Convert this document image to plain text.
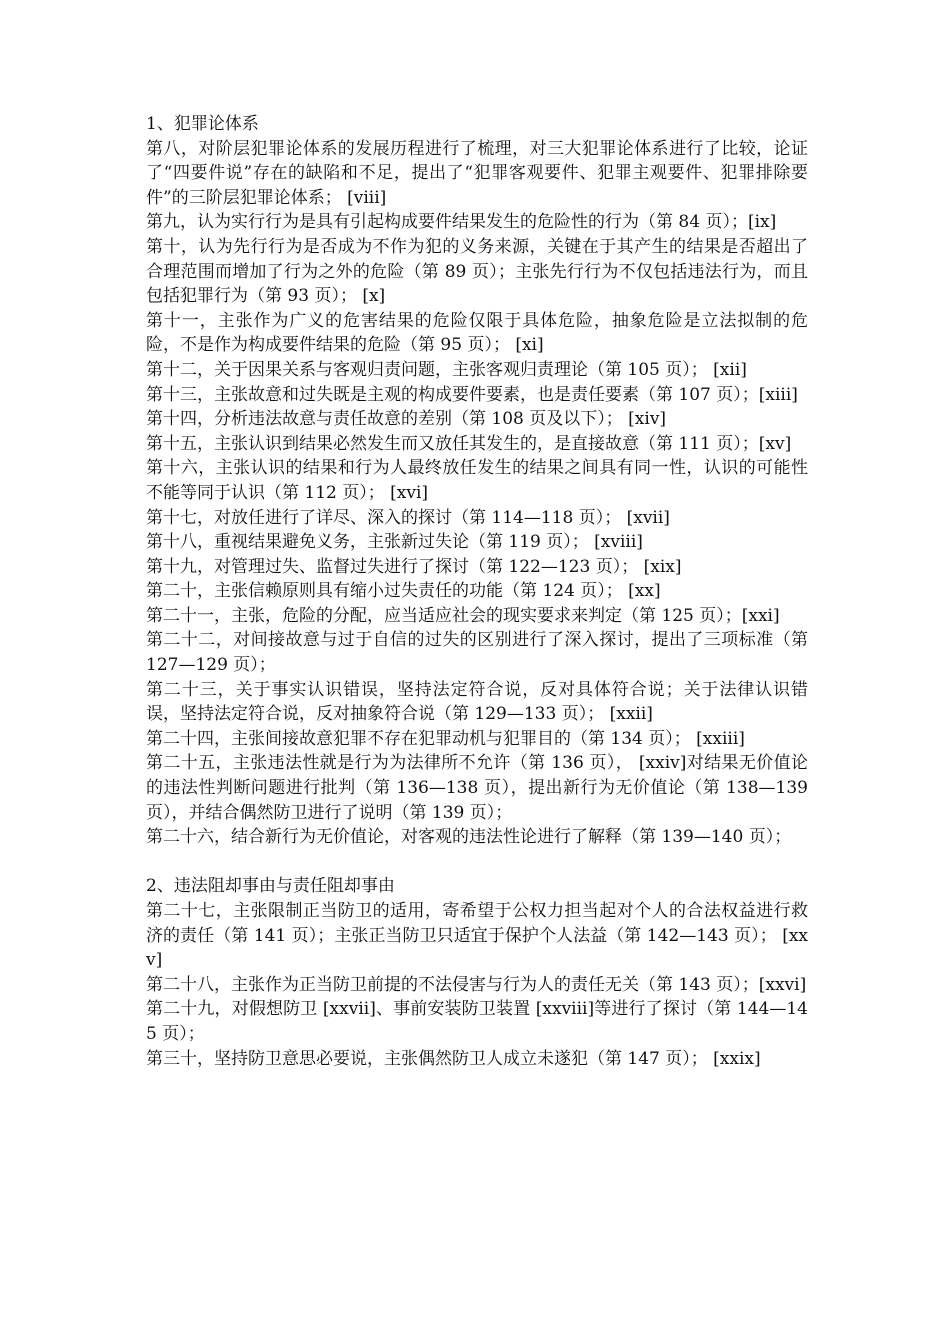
1、犯罪论体系
第八，对阶层犯罪论体系的发展历程进行了梳理，对三大犯罪论体系进行了比较，论证了“四要件说”存在的缺陷和不足，提出了“犯罪客观要件、犯罪主观要件、犯罪排除要件”的三阶层犯罪论体系； [viii]
第九，认为实行行为是具有引起构成要件结果发生的危险性的行为（第 84 页）；[ix]
第十，认为先行行为是否成为不作为犯的义务来源，关键在于其产生的结果是否超出了合理范围而增加了行为之外的危险（第 89 页）；主张先行行为不仅包括违法行为，而且包括犯罪行为（第 93 页）； [x]
第十一，主张作为广义的危害结果的危险仅限于具体危险，抽象危险是立法拟制的危险，不是作为构成要件结果的危险（第 95 页）； [xi]
第十二，关于因果关系与客观归责问题，主张客观归责理论（第 105 页）； [xii]
第十三，主张故意和过失既是主观的构成要件要素，也是责任要素（第 107 页）；[xiii]
第十四，分析违法故意与责任故意的差别（第 108 页及以下）； [xiv]
第十五，主张认识到结果必然发生而又放任其发生的，是直接故意（第 111 页）；[xv]
第十六，主张认识的结果和行为人最终放任发生的结果之间具有同一性，认识的可能性不能等同于认识（第 112 页）； [xvi]
第十七，对放任进行了详尽、深入的探讨（第 114—118 页）； [xvii]
第十八，重视结果避免义务，主张新过失论（第 119 页）； [xviii]
第十九，对管理过失、监督过失进行了探讨（第 122—123 页）； [xix]
第二十，主张信赖原则具有缩小过失责任的功能（第 124 页）； [xx]
第二十一，主张，危险的分配，应当适应社会的现实要求来判定（第 125 页）；[xxi]
第二十二，对间接故意与过于自信的过失的区别进行了深入探讨，提出了三项标准（第 127—129 页）；
第二十三，关于事实认识错误，坚持法定符合说，反对具体符合说；关于法律认识错误，坚持法定符合说，反对抽象符合说（第 129—133 页）； [xxii]
第二十四，主张间接故意犯罪不存在犯罪动机与犯罪目的（第 134 页）； [xxiii]
第二十五，主张违法性就是行为为法律所不允许（第 136 页）， [xxiv]对结果无价值论的违法性判断问题进行批判（第 136—138 页），提出新行为无价值论（第 138—139 页），并结合偶然防卫进行了说明（第 139 页）；
第二十六，结合新行为无价值论，对客观的违法性论进行了解释（第 139—140 页）；
2、违法阻却事由与责任阻却事由
第二十七，主张限制正当防卫的适用，寄希望于公权力担当起对个人的合法权益进行救济的责任（第 141 页）；主张正当防卫只适宜于保护个人法益（第 142—143 页）； [xxv]
第二十八，主张作为正当防卫前提的不法侵害与行为人的责任无关（第 143 页）；[xxvi]
第二十九，对假想防卫 [xxvii]、事前安装防卫装置 [xxviii]等进行了探讨（第 144—145 页）；
第三十，坚持防卫意思必要说，主张偶然防卫人成立未遂犯（第 147 页）； [xxix]
